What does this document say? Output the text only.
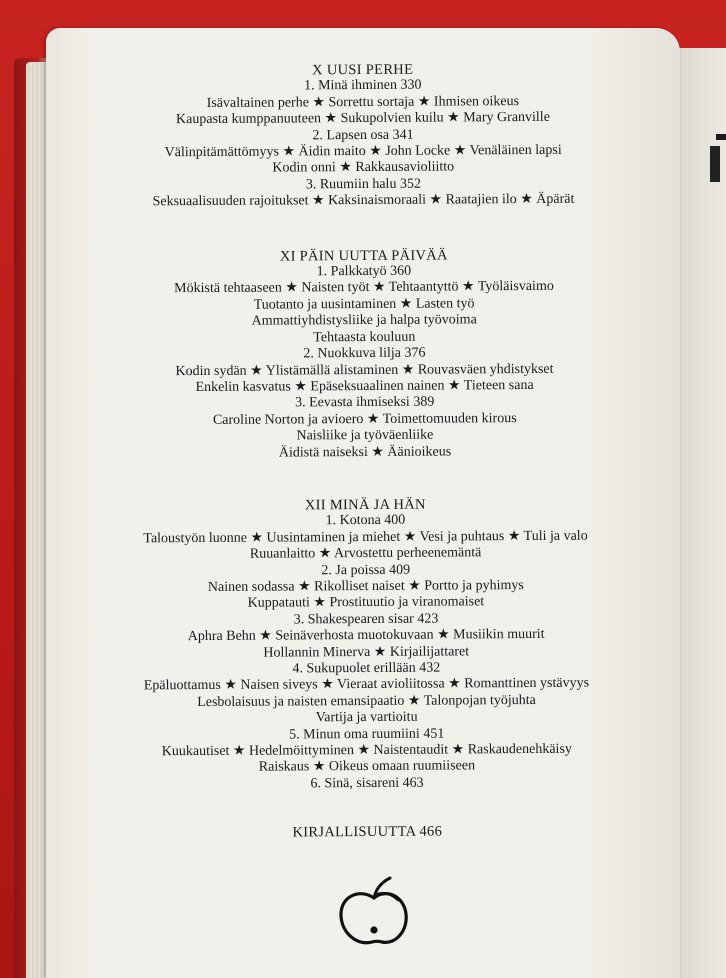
X UUSI PERHE
1. Minä ihminen 330
Isävaltainen perhe ★ Sorrettu sortaja ★ Ihmisen oikeus
Kaupasta kumppanuuteen ★ Sukupolvien kuilu ★ Mary Granville
2. Lapsen osa 341
Välinpitämättömyys ★ Äidin maito ★ John Locke ★ Venäläinen lapsi
Kodin onni ★ Rakkausavioliitto
3. Ruumiin halu 352
Seksuaalisuuden rajoitukset ★ Kaksinaismoraali ★ Raatajien ilo ★ Äpärät
XI PÄIN UUTTA PÄIVÄÄ
1. Palkkatyö 360
Mökistä tehtaaseen ★ Naisten työt ★ Tehtaantyttö ★ Työläisvaimo
Tuotanto ja uusintaminen ★ Lasten työ
Ammattiyhdistysliike ja halpa työvoima
Tehtaasta kouluun
2. Nuokkuva lilja 376
Kodin sydän ★ Ylistämällä alistaminen ★ Rouvasväen yhdistykset
Enkelin kasvatus ★ Epäseksuaalinen nainen ★ Tieteen sana
3. Eevasta ihmiseksi 389
Caroline Norton ja avioero ★ Toimettomuuden kirous
Naisliike ja työväenliike
Äidistä naiseksi ★ Äänioikeus
XII MINÄ JA HÄN
1. Kotona 400
Taloustyön luonne ★ Uusintaminen ja miehet ★ Vesi ja puhtaus ★ Tuli ja valo
Ruuanlaitto ★ Arvostettu perheenemäntä
2. Ja poissa 409
Nainen sodassa ★ Rikolliset naiset ★ Portto ja pyhimys
Kuppatauti ★ Prostituutio ja viranomaiset
3. Shakespearen sisar 423
Aphra Behn ★ Seinäverhosta muotokuvaan ★ Musiikin muurit
Hollannin Minerva ★ Kirjailijattaret
4. Sukupuolet erillään 432
Epäluottamus ★ Naisen siveys ★ Vieraat avioliitossa ★ Romanttinen ystävyys
Lesbolaisuus ja naisten emansipaatio ★ Talonpojan työjuhta
Vartija ja vartioitu
5. Minun oma ruumiini 451
Kuukautiset ★ Hedelmöittyminen ★ Naistentaudit ★ Raskaudenehkäisy
Raiskaus ★ Oikeus omaan ruumiiseen
6. Sinä, sisareni 463
KIRJALLISUUTTA 466
